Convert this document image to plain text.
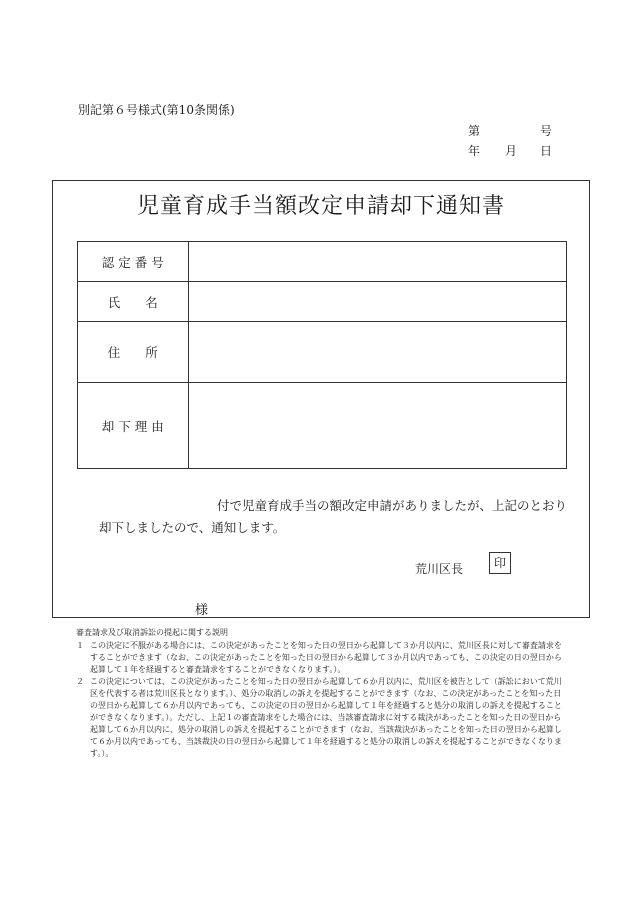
別記第６号様式(第10条関係)
第	号
年 月 日
児童育成手当額改定申請却下通知書
認 定 番 号	
氏　　名	
住　　所	
却 下 理 由	
付で児童育成手当の額改定申請がありましたが、上記のとおり
却下しましたので、通知します。
荒川区長	印
様
審査請求及び取消訴訟の提起に関する説明
１ この決定に不服がある場合には、この決定があったことを知った日の翌日から起算して３か月以内に、荒川区長に対して審査請求をすることができます（なお、この決定があったことを知った日の翌日から起算して３か月以内であっても、この決定の日の翌日から起算して１年を経過すると審査請求をすることができなくなります。）。
２ この決定については、この決定があったことを知った日の翌日から起算して６か月以内に、荒川区を被告として（訴訟において荒川区を代表する者は荒川区長となります。）、処分の取消しの訴えを提起することができます（なお、この決定があったことを知った日の翌日から起算して６か月以内であっても、この決定の日の翌日から起算して１年を経過すると処分の取消しの訴えを提起することができなくなります。）。ただし、上記１の審査請求をした場合には、当該審査請求に対する裁決があったことを知った日の翌日から起算して６か月以内に、処分の取消しの訴えを提起することができます（なお、当該裁決があったことを知った日の翌日から起算して６か月以内であっても、当該裁決の日の翌日から起算して１年を経過すると処分の取消しの訴えを提起することができなくなります。）。
